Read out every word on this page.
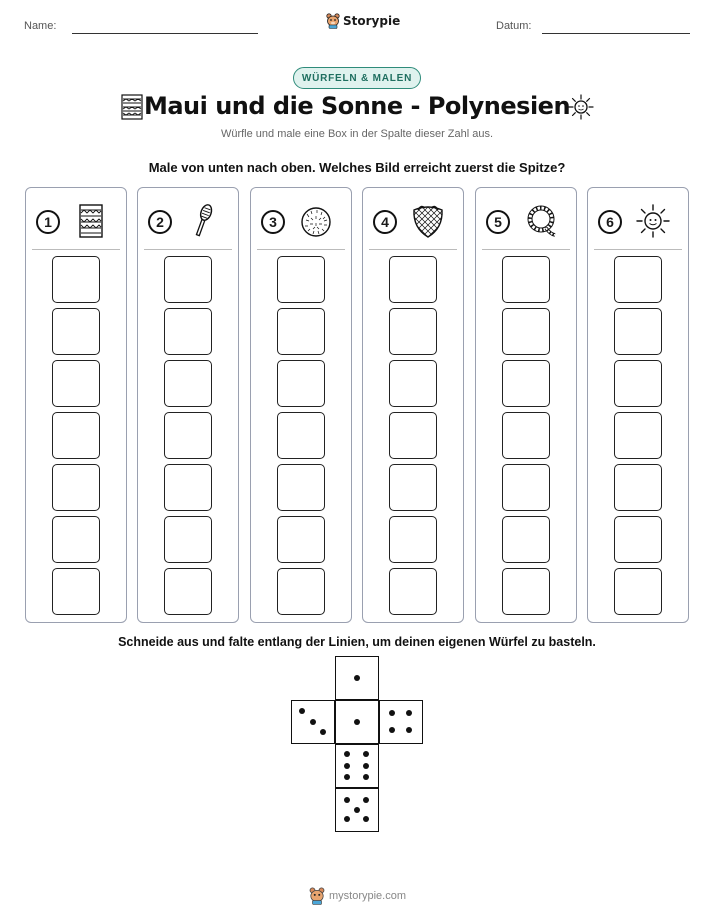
Name:	Storypie	Datum:
WÜRFELN & MALEN
Maui und die Sonne - Polynesien
Würfle und male eine Box in der Spalte dieser Zahl aus.
Male von unten nach oben. Welches Bild erreicht zuerst die Spitze?
1	2	3	4	5	6
Schneide aus und falte entlang der Linien, um deinen eigenen Würfel zu basteln.
mystorypie.com
